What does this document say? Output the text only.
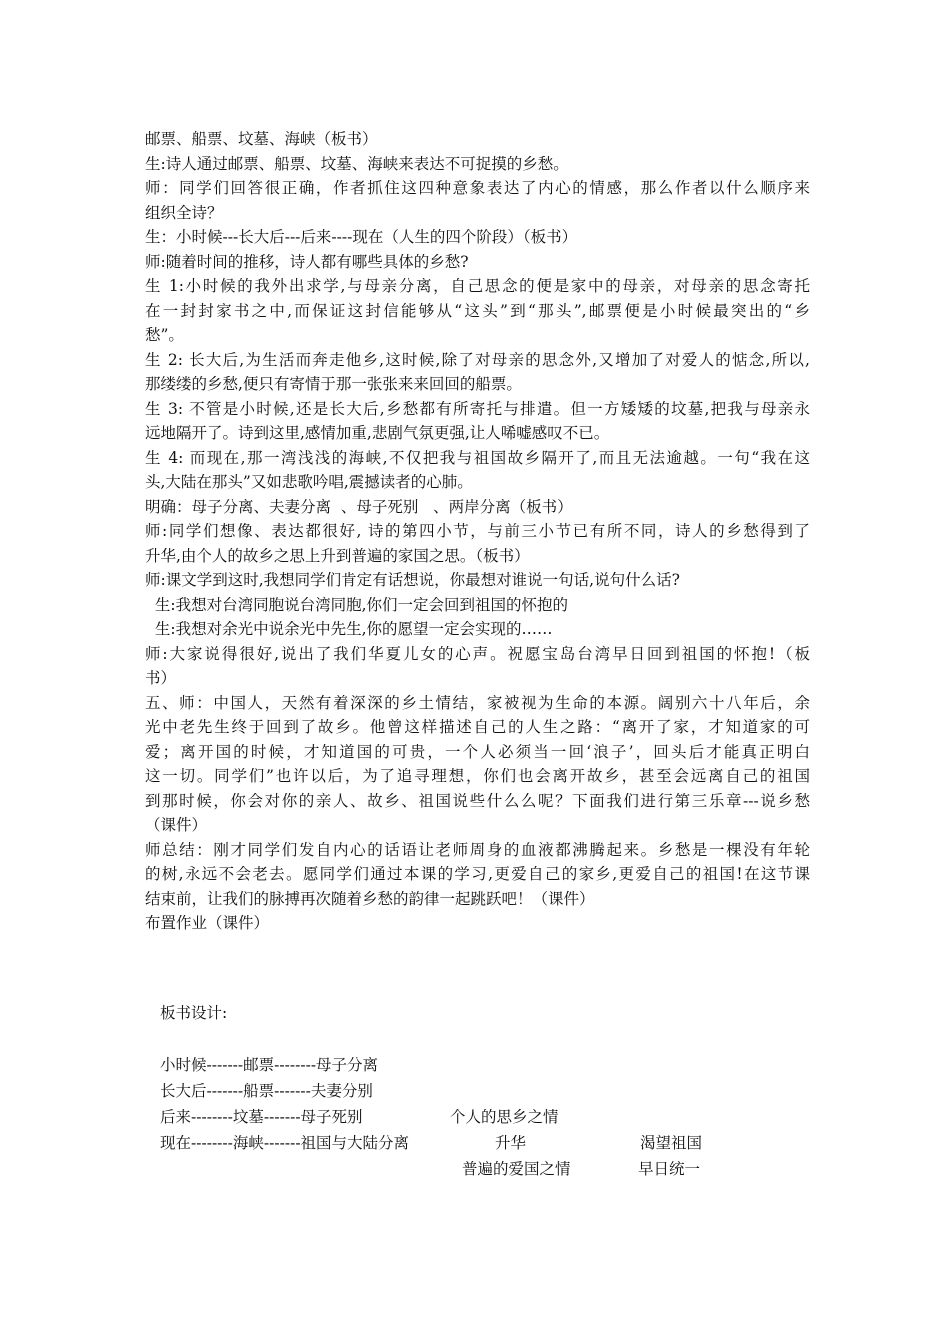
邮票、船票、坟墓、海峡（板书）
生:诗人通过邮票、船票、坟墓、海峡来表达不可捉摸的乡愁。
师：同学们回答很正确，作者抓住这四种意象表达了内心的情感，那么作者以什么顺序来
组织全诗？
生：小时候---长大后---后来----现在（人生的四个阶段）（板书）
师:随着时间的推移，诗人都有哪些具体的乡愁?
生 1:小时候的我外出求学,与母亲分离，自己思念的便是家中的母亲，对母亲的思念寄托
在一封封家书之中,而保证这封信能够从“这头”到“那头”,邮票便是小时候最突出的“乡
愁”。
生 2: 长大后,为生活而奔走他乡,这时候,除了对母亲的思念外,又增加了对爱人的惦念,所以,
那缕缕的乡愁,便只有寄情于那一张张来来回回的船票。
生 3: 不管是小时候,还是长大后,乡愁都有所寄托与排遣。但一方矮矮的坟墓,把我与母亲永
远地隔开了。诗到这里,感情加重,悲剧气氛更强,让人唏嘘感叹不已。
生 4: 而现在,那一湾浅浅的海峡,不仅把我与祖国故乡隔开了,而且无法逾越。一句“我在这
头,大陆在那头”又如悲歌吟唱,震撼读者的心肺。
明确：母子分离、夫妻分离  、母子死别   、两岸分离（板书）
师:同学们想像、表达都很好, 诗的第四小节，与前三小节已有所不同，诗人的乡愁得到了
升华,由个人的故乡之思上升到普遍的家国之思。（板书）
师:课文学到这时,我想同学们肯定有话想说，你最想对谁说一句话,说句什么话?
生:我想对台湾同胞说台湾同胞,你们一定会回到祖国的怀抱的
生:我想对余光中说余光中先生,你的愿望一定会实现的……
师:大家说得很好,说出了我们华夏儿女的心声。祝愿宝岛台湾早日回到祖国的怀抱!（板
书）
五、师：中国人，天然有着深深的乡土情结，家被视为生命的本源。阔别六十八年后，余
光中老先生终于回到了故乡。他曾这样描述自己的人生之路：“离开了家，才知道家的可
爱；离开国的时候，才知道国的可贵，一个人必须当一回‘浪子’，回头后才能真正明白
这一切。同学们”也许以后，为了追寻理想，你们也会离开故乡，甚至会远离自己的祖国
到那时候，你会对你的亲人、故乡、祖国说些什么么呢？下面我们进行第三乐章---说乡愁
（课件）
师总结：刚才同学们发自内心的话语让老师周身的血液都沸腾起来。乡愁是一棵没有年轮
的树,永远不会老去。愿同学们通过本课的学习,更爱自己的家乡,更爱自己的祖国!在这节课
结束前，让我们的脉搏再次随着乡愁的韵律一起跳跃吧！（课件）
布置作业（课件）
板书设计:

小时候-------邮票--------母子分离

长大后-------船票-------夫妻分别

个人的思乡之情

渴望祖国

后来--------坟墓-------母子死别

升华

早日统一

现在--------海峡-------祖国与大陆分离

普遍的爱国之情
